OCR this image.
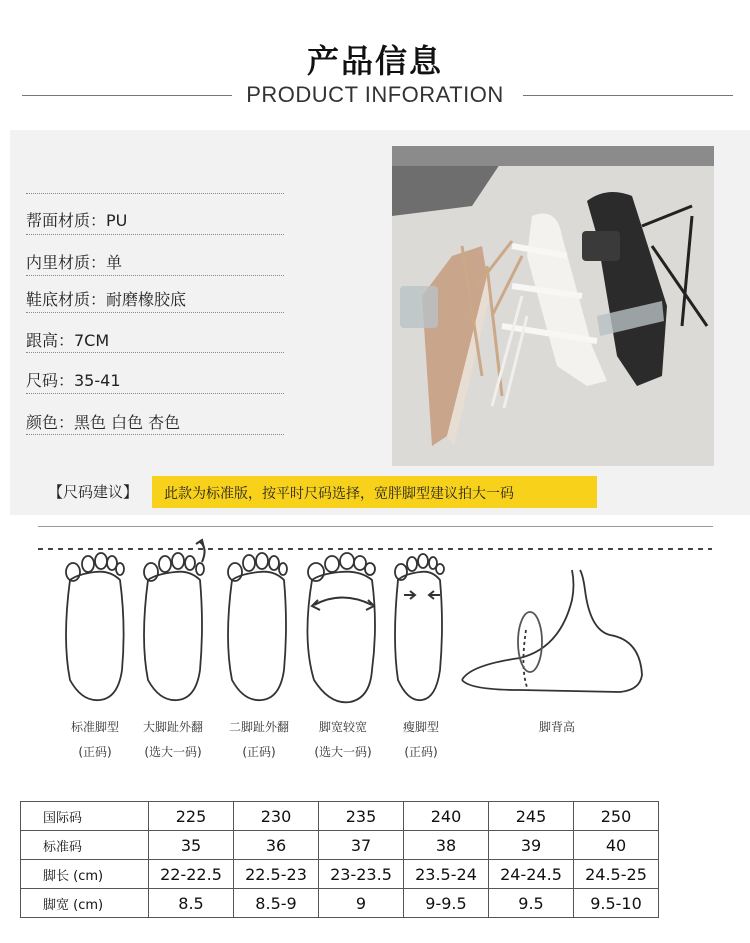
产品信息
PRODUCT INFORATION
帮面材质：PU
内里材质：单
鞋底材质：耐磨橡胶底
跟高：7CM
尺码：35-41
颜色：黑色 白色 杏色
【尺码建议】 此款为标准版，按平时尺码选择，宽胖脚型建议拍大一码
标准脚型
(正码)
大脚趾外翻
(选大一码)
二脚趾外翻
(正码)
脚宽较宽
(选大一码)
瘦脚型
(正码)
脚背高
国际码	225	230	235	240	245	250
标准码	35	36	37	38	39	40
脚长 (cm)	22-22.5	22.5-23	23-23.5	23.5-24	24-24.5	24.5-25
脚宽 (cm)	8.5	8.5-9	9	9-9.5	9.5	9.5-10
